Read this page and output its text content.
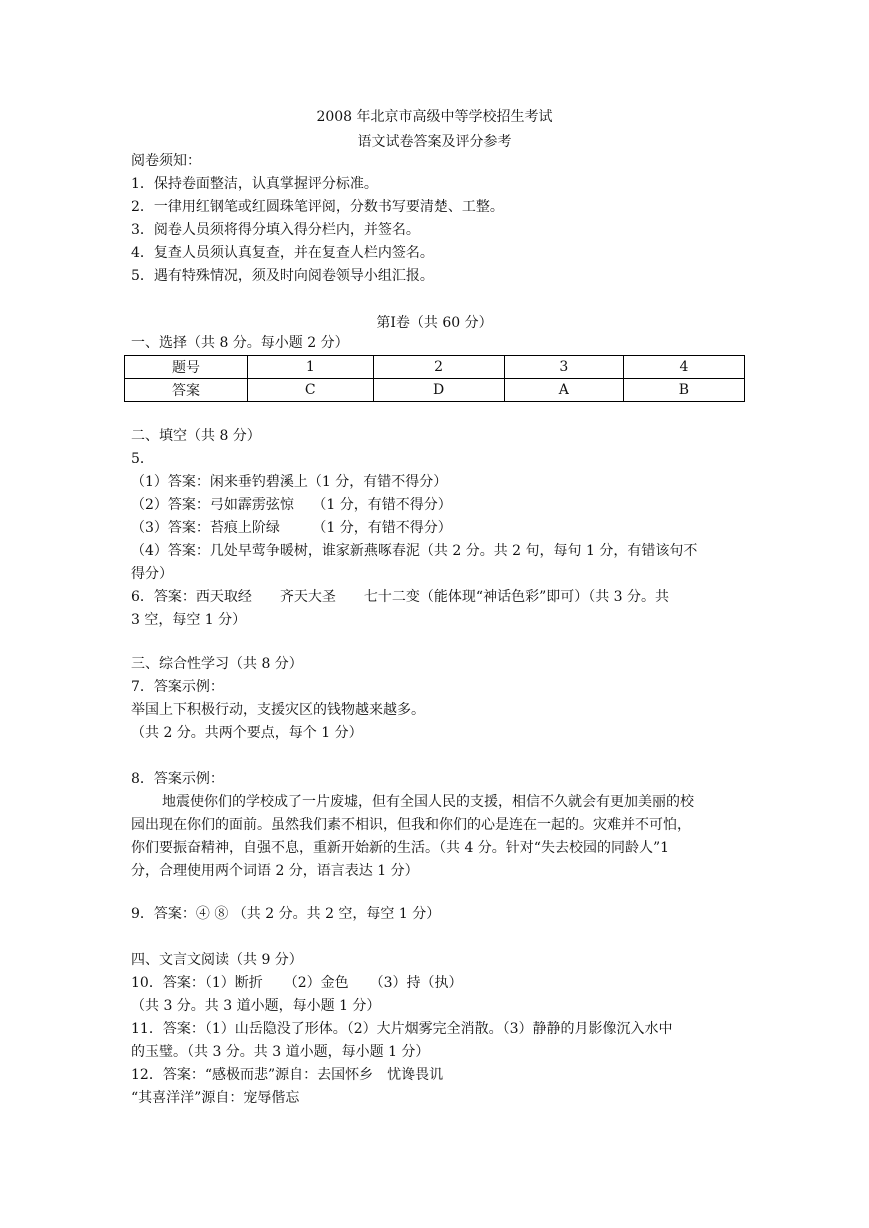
2008 年北京市高级中等学校招生考试
语文试卷答案及评分参考
阅卷须知：
1．保持卷面整洁，认真掌握评分标准。
2．一律用红钢笔或红圆珠笔评阅，分数书写要清楚、工整。
3．阅卷人员须将得分填入得分栏内，并签名。
4．复查人员须认真复查，并在复查人栏内签名。
5．遇有特殊情况，须及时向阅卷领导小组汇报。
第Ⅰ卷（共 60 分）
一、选择（共 8 分。每小题 2 分）
题号	1	2	3	4
答案	C	D	A	B
二、填空（共 8 分）
5．
（1）答案：闲来垂钓碧溪上（1 分，有错不得分）
（2）答案：弓如霹雳弦惊　 （1 分，有错不得分）
（3）答案：苔痕上阶绿　　 （1 分，有错不得分）
（4）答案：几处早莺争暖树，谁家新燕啄春泥（共 2 分。共 2 句，每句 1 分，有错该句不
得分）
6．答案：西天取经　　齐天大圣　　七十二变（能体现“神话色彩”即可）（共 3 分。共
3 空，每空 1 分）
三、综合性学习（共 8 分）
7．答案示例：
举国上下积极行动，支援灾区的钱物越来越多。
（共 2 分。共两个要点，每个 1 分）
8．答案示例：
地震使你们的学校成了一片废墟，但有全国人民的支援，相信不久就会有更加美丽的校
园出现在你们的面前。虽然我们素不相识，但我和你们的心是连在一起的。灾难并不可怕，
你们要振奋精神，自强不息，重新开始新的生活。（共 4 分。针对“失去校园的同龄人”1
分，合理使用两个词语 2 分，语言表达 1 分）
9．答案：④ ⑧ （共 2 分。共 2 空，每空 1 分）
四、文言文阅读（共 9 分）
10．答案：（1）断折　　（2）金色　　（3）持（执）
（共 3 分。共 3 道小题，每小题 1 分）
11．答案：（1）山岳隐没了形体。（2）大片烟雾完全消散。（3）静静的月影像沉入水中
的玉璧。（共 3 分。共 3 道小题，每小题 1 分）
12．答案：“感极而悲”源自：去国怀乡　忧谗畏讥
“其喜洋洋”源自：宠辱偕忘
